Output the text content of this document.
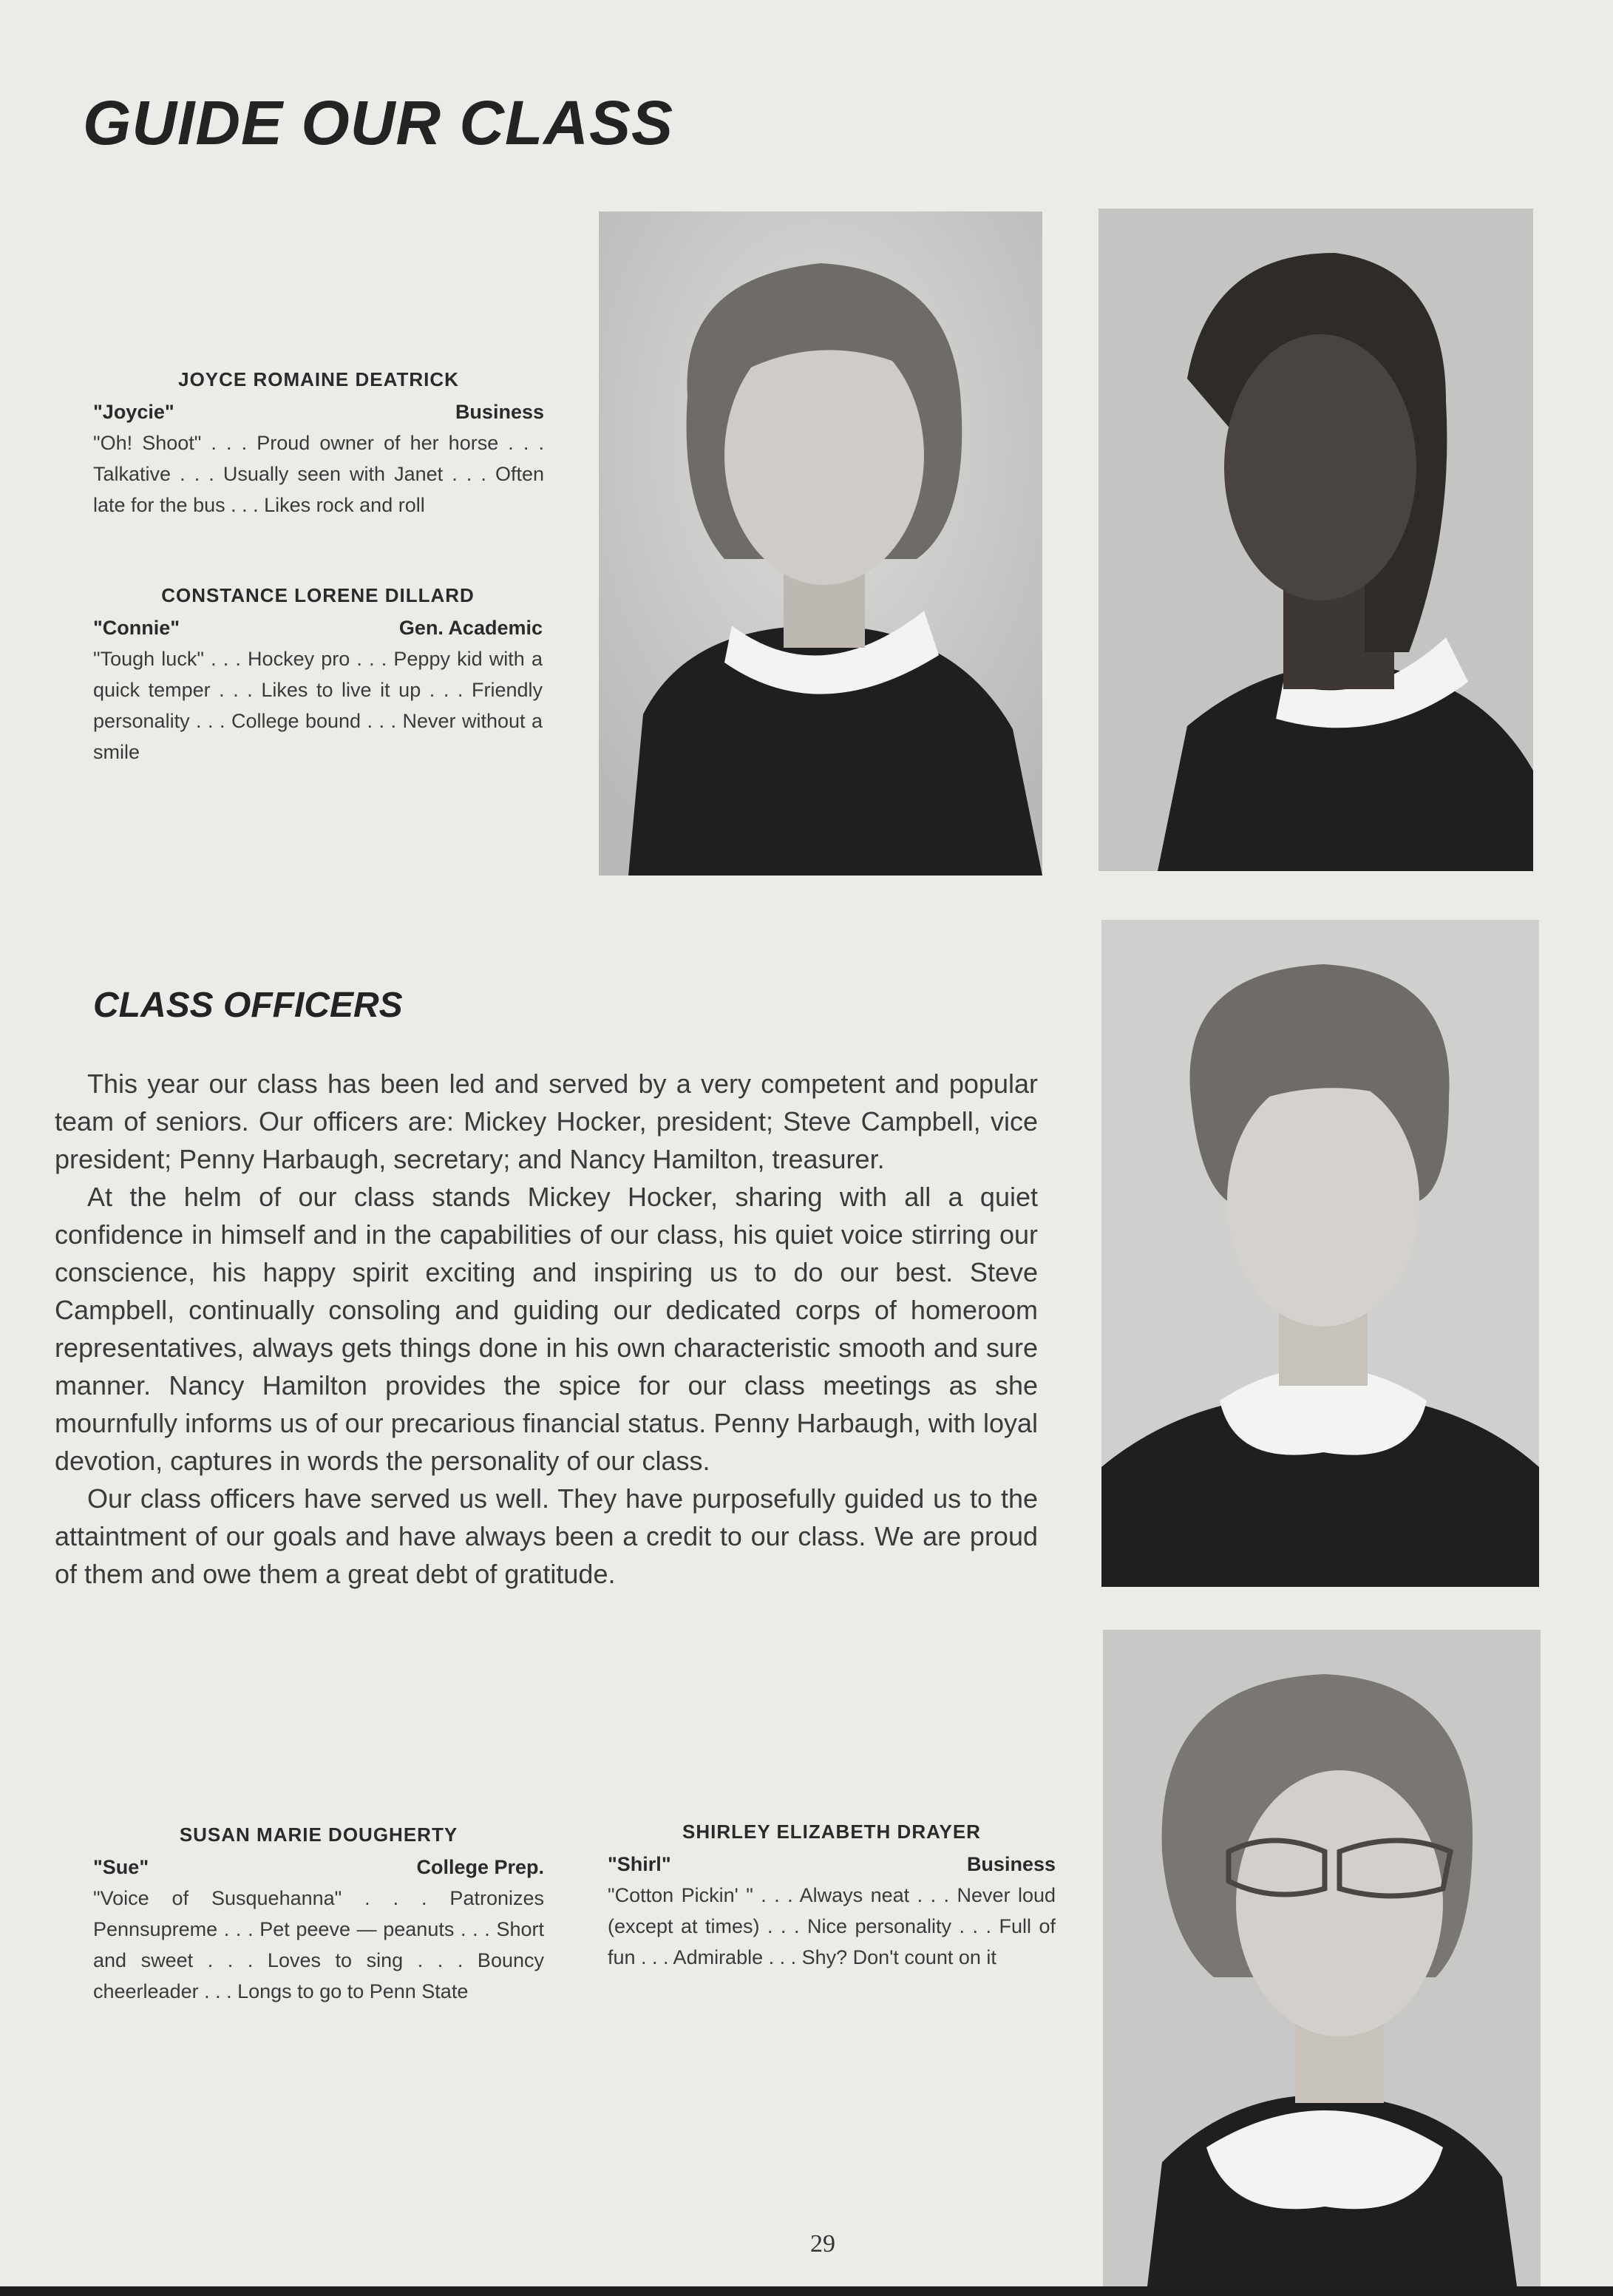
GUIDE OUR CLASS
JOYCE ROMAINE DEATRICK
"Joycie"	Business
"Oh! Shoot" . . . Proud owner of her horse . . . Talkative . . . Usually seen with Janet . . . Often late for the bus . . . Likes rock and roll
CONSTANCE LORENE DILLARD
"Connie"	Gen. Academic
"Tough luck" . . . Hockey pro . . . Peppy kid with a quick temper . . . Likes to live it up . . . Friendly personality . . . College bound . . . Never without a smile
CLASS OFFICERS

This year our class has been led and served by a very competent and popular team of seniors. Our officers are: Mickey Hocker, president; Steve Campbell, vice president; Penny Harbaugh, secretary; and Nancy Hamilton, treasurer.

At the helm of our class stands Mickey Hocker, sharing with all a quiet confidence in himself and in the capabilities of our class, his quiet voice stirring our conscience, his happy spirit exciting and inspiring us to do our best. Steve Campbell, continually consoling and guiding our dedicated corps of homeroom representatives, always gets things done in his own characteristic smooth and sure manner. Nancy Hamilton provides the spice for our class meetings as she mournfully informs us of our precarious financial status. Penny Harbaugh, with loyal devotion, captures in words the personality of our class.

Our class officers have served us well. They have purposefully guided us to the attaintment of our goals and have always been a credit to our class. We are proud of them and owe them a great debt of gratitude.

SUSAN MARIE DOUGHERTY
"Sue"	College Prep.
"Voice of Susquehanna" . . . Patronizes Pennsupreme . . . Pet peeve — peanuts . . . Short and sweet . . . Loves to sing . . . Bouncy cheerleader . . . Longs to go to Penn State
SHIRLEY ELIZABETH DRAYER
"Shirl"	Business
"Cotton Pickin' " . . . Always neat . . . Never loud (except at times) . . . Nice personality . . . Full of fun . . . Admirable . . . Shy? Don't count on it
29
